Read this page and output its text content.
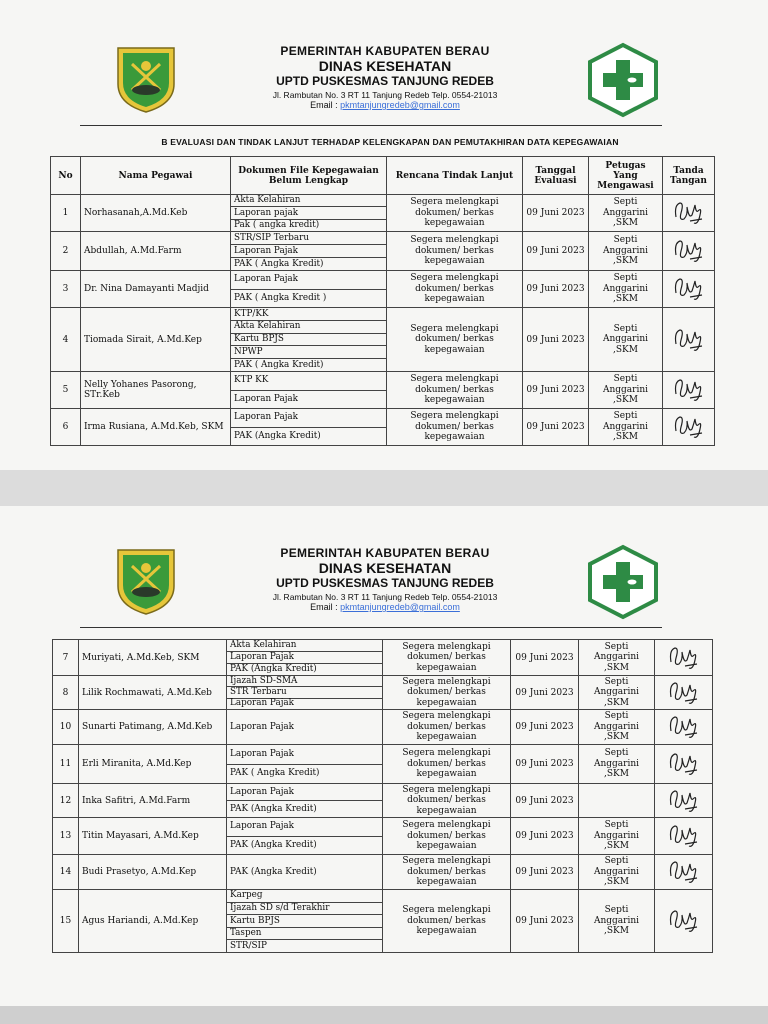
PEMERINTAH KABUPATEN BERAU
DINAS KESEHATAN
UPTD PUSKESMAS TANJUNG REDEB
Jl. Rambutan No. 3 RT 11 Tanjung Redeb Telp. 0554-21013
Email : pkmtanjungredeb@gmail.com
B EVALUASI DAN TINDAK LANJUT TERHADAP KELENGKAPAN DAN PEMUTAKHIRAN DATA KEPEGAWAIAN
No	Nama Pegawai	Dokumen File Kepegawaian Belum Lengkap	Rencana Tindak Lanjut	Tanggal Evaluasi	Petugas Yang Mengawasi	Tanda Tangan
1	Norhasanah,A.Md.Keb	Akta Kelahiran
Laporan pajak
Pak ( angka kredit)	Segera melengkapi dokumen/ berkas kepegawaian	09 Juni 2023	Septi Anggarini ,SKM	

2	Abdullah, A.Md.Farm	STR/SIP Terbaru
Laporan Pajak
PAK ( Angka Kredit)	Segera melengkapi dokumen/ berkas kepegawaian	09 Juni 2023	Septi Anggarini ,SKM	

3	Dr. Nina Damayanti Madjid	Laporan Pajak
PAK ( Angka Kredit )	Segera melengkapi dokumen/ berkas kepegawaian	09 Juni 2023	Septi Anggarini ,SKM	

4	Tiomada Sirait, A.Md.Kep	KTP/KK
Akta Kelahiran
Kartu BPJS
NPWP
PAK ( Angka Kredit)	Segera melengkapi dokumen/ berkas kepegawaian	09 Juni 2023	Septi Anggarini ,SKM	

5	Nelly Yohanes Pasorong, STr.Keb	KTP KK
Laporan Pajak	Segera melengkapi dokumen/ berkas kepegawaian	09 Juni 2023	Septi Anggarini ,SKM	

6	Irma Rusiana, A.Md.Keb, SKM	Laporan Pajak
PAK (Angka Kredit)	Segera melengkapi dokumen/ berkas kepegawaian	09 Juni 2023	Septi Anggarini ,SKM	
PEMERINTAH KABUPATEN BERAU
DINAS KESEHATAN
UPTD PUSKESMAS TANJUNG REDEB
Jl. Rambutan No. 3 RT 11 Tanjung Redeb Telp. 0554-21013
Email : pkmtanjungredeb@gmail.com
7	Muriyati, A.Md.Keb, SKM	Akta Kelahiran
Laporan Pajak
PAK (Angka Kredit)	Segera melengkapi dokumen/ berkas kepegawaian	09 Juni 2023	Septi Anggarini ,SKM	

8	Lilik Rochmawati, A.Md.Keb	Ijazah SD-SMA
STR Terbaru
Laporan Pajak	Segera melengkapi dokumen/ berkas kepegawaian	09 Juni 2023	Septi Anggarini ,SKM	

10	Sunarti Patimang, A.Md.Keb	Laporan Pajak	Segera melengkapi dokumen/ berkas kepegawaian	09 Juni 2023	Septi Anggarini ,SKM	

11	Erli Miranita, A.Md.Kep	Laporan Pajak
PAK ( Angka Kredit)	Segera melengkapi dokumen/ berkas kepegawaian	09 Juni 2023	Septi Anggarini ,SKM	

12	Inka Safitri, A.Md.Farm	Laporan Pajak
PAK (Angka Kredit)	Segera melengkapi dokumen/ berkas kepegawaian	09 Juni 2023		

13	Titin Mayasari, A.Md.Kep	Laporan Pajak
PAK (Angka Kredit)	Segera melengkapi dokumen/ berkas kepegawaian	09 Juni 2023	Septi Anggarini ,SKM	

14	Budi Prasetyo, A.Md.Kep	PAK (Angka Kredit)	Segera melengkapi dokumen/ berkas kepegawaian	09 Juni 2023	Septi Anggarini ,SKM	

15	Agus Hariandi, A.Md.Kep	Karpeg
Ijazah SD s/d Terakhir
Kartu BPJS
Taspen
STR/SIP	Segera melengkapi dokumen/ berkas kepegawaian	09 Juni 2023	Septi Anggarini ,SKM	
